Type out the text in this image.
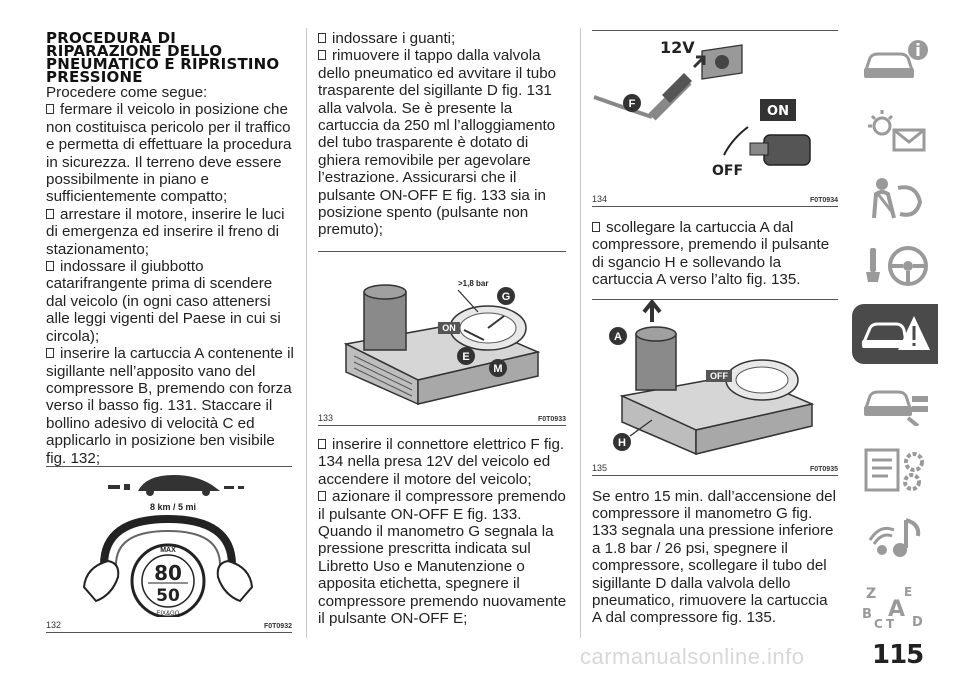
PROCEDURA DI RIPARAZIONE DELLO PNEUMATICO E RIPRISTINO PRESSIONE

Procedere come segue:

fermare il veicolo in posizione che non costituisca pericolo per il traffico e permetta di effettuare la procedura in sicurezza. Il terreno deve essere possibilmente in piano e sufficientemente compatto;

arrestare il motore, inserire le luci di emergenza ed inserire il freno di stazionamento;

indossare il giubbotto catarifrangente prima di scendere dal veicolo (in ogni caso attenersi alle leggi vigenti del Paese in cui si circola);

inserire la cartuccia A contenente il sigillante nell’apposito vano del compressore B, premendo con forza verso il basso fig. 131. Staccare il bollino adesivo di velocità C ed applicarlo in posizione ben visibile fig. 132;

8 km / 5 mi
MAX
FIX&GO
80
50
132	F0T0932

indossare i guanti;

rimuovere il tappo dalla valvola dello pneumatico ed avvitare il tubo trasparente del sigillante D fig. 131 alla valvola. Se è presente la cartuccia da 250 ml l’alloggiamento del tubo trasparente è dotato di ghiera removibile per agevolare l’estrazione. Assicurarsi che il pulsante ON-OFF E fig. 133 sia in posizione spento (pulsante non premuto);

>1,8 bar
ON
G
E
M
133	F0T0933

inserire il connettore elettrico F fig. 134 nella presa 12V del veicolo ed accendere il motore del veicolo;

azionare il compressore premendo il pulsante ON-OFF E fig. 133. Quando il manometro G segnala la pressione prescritta indicata sul Libretto Uso e Manutenzione o apposita etichetta, spegnere il compressore premendo nuovamente il pulsante ON-OFF E;

12V
F	ON
OFF
134	F0T0934

scollegare la cartuccia A dal compressore, premendo il pulsante di sgancio H e sollevando la cartuccia A verso l’alto fig. 135.

OFF
A
H
135	F0T0935

Se entro 15 min. dall’accensione del compressore il manometro G fig. 133 segnala una pressione inferiore a 1.8 bar / 26 psi, spegnere il compressore, scollegare il tubo del sigillante D dalla valvola dello pneumatico, rimuovere la cartuccia A dal compressore fig. 135.

Z E
B A
C T D
115
carmanualsonline.info
